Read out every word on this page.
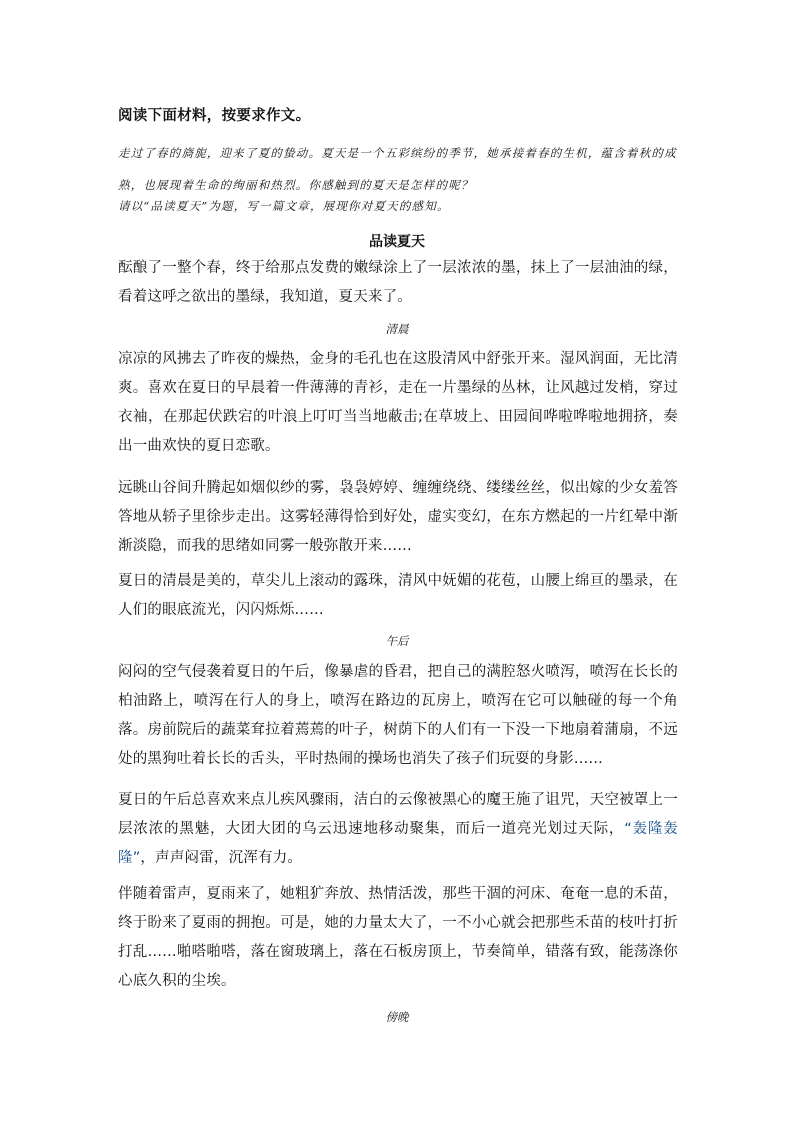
阅读下面材料，按要求作文。
走过了春的旖旎，迎来了夏的蛰动。夏天是一个五彩缤纷的季节，她承接着春的生机，蕴含着秋的成熟，也展现着生命的绚丽和热烈。你感触到的夏天是怎样的呢？
请以“品读夏天”为题，写一篇文章，展现你对夏天的感知。
品读夏天
酝酿了一整个春，终于给那点发费的嫩绿涂上了一层浓浓的墨，抹上了一层油油的绿，看着这呼之欲出的墨绿，我知道，夏天来了。
清晨
凉凉的风拂去了昨夜的燥热，金身的毛孔也在这股清风中舒张开来。湿风润面，无比清爽。喜欢在夏日的早晨着一件薄薄的青衫，走在一片墨绿的丛林，让风越过发梢，穿过衣袖，在那起伏跌宕的叶浪上叮叮当当地蔽击;在草坡上、田园间哗啦哗啦地拥挤，奏出一曲欢快的夏日恋歌。
远眺山谷间升腾起如烟似纱的雾，袅袅婷婷、缠缠绕绕、缕缕丝丝，似出嫁的少女羞答答地从轿子里徐步走出。这雾轻薄得恰到好处，虚实变幻，在东方燃起的一片红晕中渐渐淡隐，而我的思绪如同雾一般弥散开来……
夏日的清晨是美的，草尖儿上滚动的露珠，清风中妩媚的花苞，山腰上绵亘的墨录，在人们的眼底流光，闪闪烁烁……
午后
闷闷的空气侵袭着夏日的午后，像暴虐的昏君，把自己的满腔怒火喷泻，喷泻在长长的柏油路上，喷泻在行人的身上，喷泻在路边的瓦房上，喷泻在它可以触碰的每一个角落。房前院后的蔬菜耷拉着蔫蔫的叶子，树荫下的人们有一下没一下地扇着蒲扇，不远处的黑狗吐着长长的舌头，平时热闹的操场也消失了孩子们玩耍的身影……
夏日的午后总喜欢来点儿疾风骤雨，洁白的云像被黑心的魔王施了诅咒，天空被罩上一层浓浓的黑魅，大团大团的乌云迅速地移动聚集，而后一道亮光划过天际，“轰隆轰隆”，声声闷雷，沉浑有力。
伴随着雷声，夏雨来了，她粗犷奔放、热情活泼，那些干涸的河床、奄奄一息的禾苗，终于盼来了夏雨的拥抱。可是，她的力量太大了，一不小心就会把那些禾苗的枝叶打折打乱……啪嗒啪嗒，落在窗玻璃上，落在石板房顶上，节奏简单，错落有致，能荡涤你心底久积的尘埃。
傍晚
